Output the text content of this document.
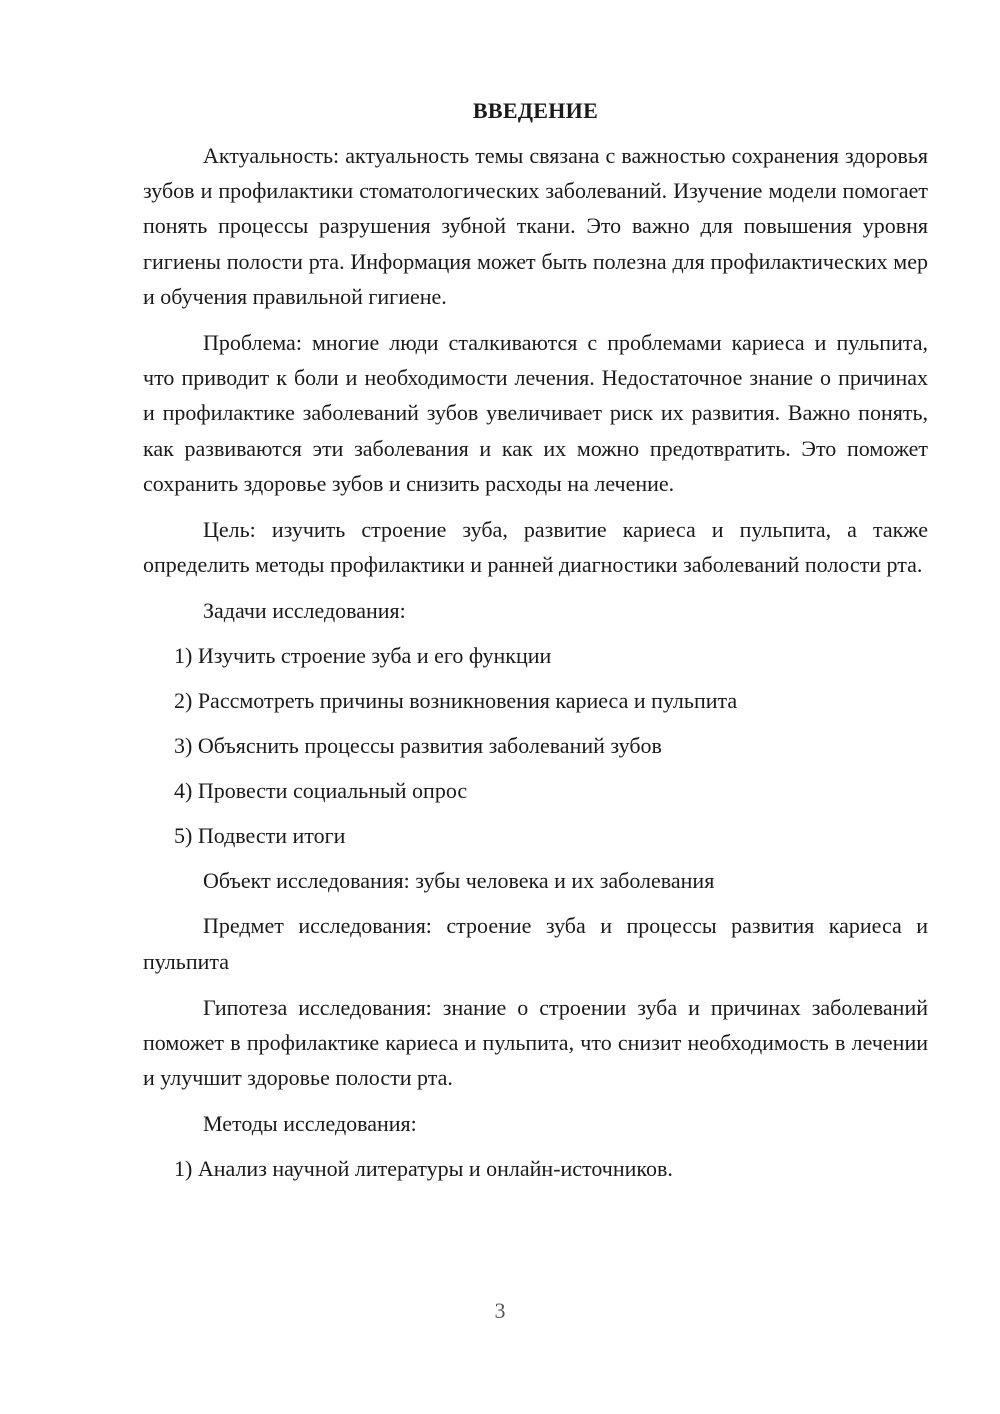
ВВЕДЕНИЕ

Актуальность: актуальность темы связана с важностью сохранения здоровья зубов и профилактики стоматологических заболеваний. Изучение модели помогает понять процессы разрушения зубной ткани. Это важно для повышения уровня гигиены полости рта. Информация может быть полезна для профилактических мер и обучения правильной гигиене.

Проблема: многие люди сталкиваются с проблемами кариеса и пульпита, что приводит к боли и необходимости лечения. Недостаточное знание о причинах и профилактике заболеваний зубов увеличивает риск их развития. Важно понять, как развиваются эти заболевания и как их можно предотвратить. Это поможет сохранить здоровье зубов и снизить расходы на лечение.

Цель: изучить строение зуба, развитие кариеса и пульпита, а также определить методы профилактики и ранней диагностики заболеваний полости рта.

Задачи исследования:
1) Изучить строение зуба и его функции
2) Рассмотреть причины возникновения кариеса и пульпита
3) Объяснить процессы развития заболеваний зубов
4) Провести социальный опрос
5) Подвести итоги
Объект исследования: зубы человека и их заболевания

Предмет исследования: строение зуба и процессы развития кариеса и пульпита

Гипотеза исследования: знание о строении зуба и причинах заболеваний поможет в профилактике кариеса и пульпита, что снизит необходимость в лечении и улучшит здоровье полости рта.

Методы исследования:
1) Анализ научной литературы и онлайн-источников.
3
